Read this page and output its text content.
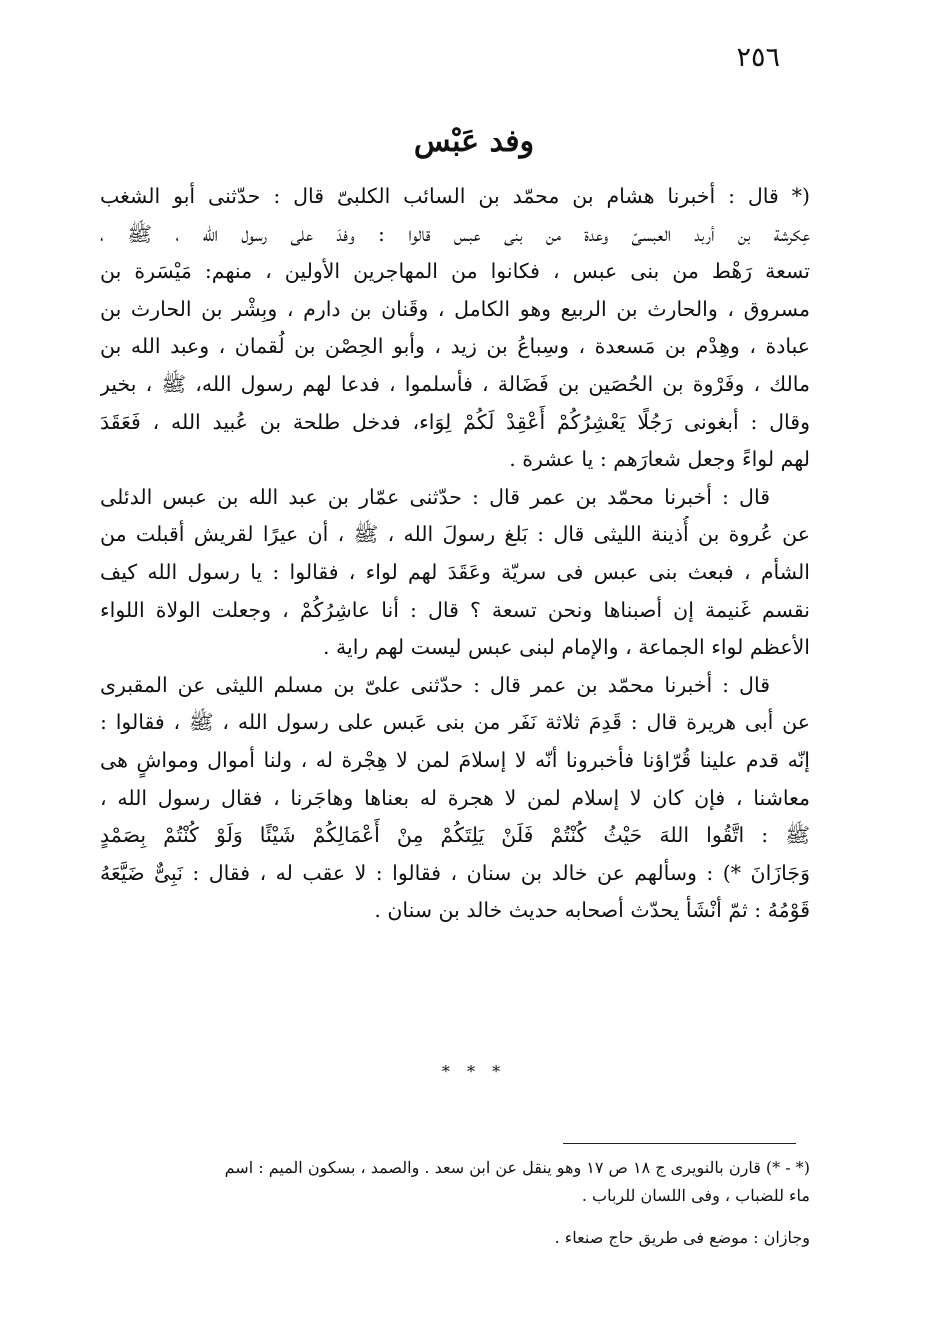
٢٥٦
وفد عَبْس

(* قال : أخبرنا هشام بن محمّد بن السائب الكلبىّ قال : حدّثنى أبو الشغب
عِكرشة بن أربد العبسىّ وعدة من بنى عبس قالوا : وفدَ على رسول الله ، ﷺ ،
تسعة رَهْط من بنى عبس ، فكانوا من المهاجرين الأولين ، منهم: مَيْسَرة بن
مسروق ، والحارث بن الربيع وهو الكامل ، وقَنان بن دارم ، وبِشْر بن الحارث بن
عبادة ، وهِدْم بن مَسعدة ، وسِباعُ بن زيد ، وأبو الحِصْن بن لُقمان ، وعبد الله بن
مالك ، وفَرْوة بن الحُصَين بن فَضَالة ، فأسلموا ، فدعا لهم رسول الله، ﷺ ، بخير
وقال : أبغونى رَجُلًا يَعْشِرُكُمْ أَعْقِدْ لَكُمْ لِوَاء، فدخل طلحة بن عُبيد الله ، فَعَقَدَ
لهم لواءً وجعل شعارَهم : يا عشرة .

قال : أخبرنا محمّد بن عمر قال : حدّثنى عمّار بن عبد الله بن عبس الدئلى
عن عُروة بن أُذينة الليثى قال : بَلغ رسولَ الله ، ﷺ ، أن عيرًا لقريش أقبلت من
الشأم ، فبعث بنى عبس فى سريّة وعَقَدَ لهم لواء ، فقالوا : يا رسول الله كيف
نقسم غَنيمة إن أصبناها ونحن تسعة ؟ قال : أنا عاشِرُكُمْ ، وجعلت الولاة اللواء
الأعظم لواء الجماعة ، والإمام لبنى عبس ليست لهم راية .

قال : أخبرنا محمّد بن عمر قال : حدّثنى علىّ بن مسلم الليثى عن المقبرى
عن أبى هريرة قال : قَدِمَ ثلاثة نَفَر من بنى عَبس على رسول الله ، ﷺ ، فقالوا :
إنّه قدم علينا قُرّاؤنا فأخبرونا أنّه لا إسلامَ لمن لا هِجْرة له ، ولنا أموال ومواشٍ هى
معاشنا ، فإن كان لا إسلام لمن لا هجرة له بعناها وهاجَرنا ، فقال رسول الله ،
ﷺ : اتَّقُوا اللهَ حَيْثُ كُنْتُمْ فَلَنْ يَلِتَكُمْ مِنْ أَعْمَالِكُمْ شَيْئًا وَلَوْ كُنْتُمْ بِصَمْدٍ
وَجَازَانَ *) : وسألهم عن خالد بن سنان ، فقالوا : لا عقب له ، فقال : نَبِىٌّ ضَيَّعَهُ
قَوْمُهُ : ثمّ أنْشَأ يحدّث أصحابه حديث خالد بن سنان .

* * *
(* - *) قارن بالنويرى ج ١٨ ص ١٧ وهو ينقل عن ابن سعد . والصمد ، بسكون الميم : اسم
ماء للضباب ، وفى اللسان للرباب .
وجازان : موضع فى طريق حاج صنعاء .
